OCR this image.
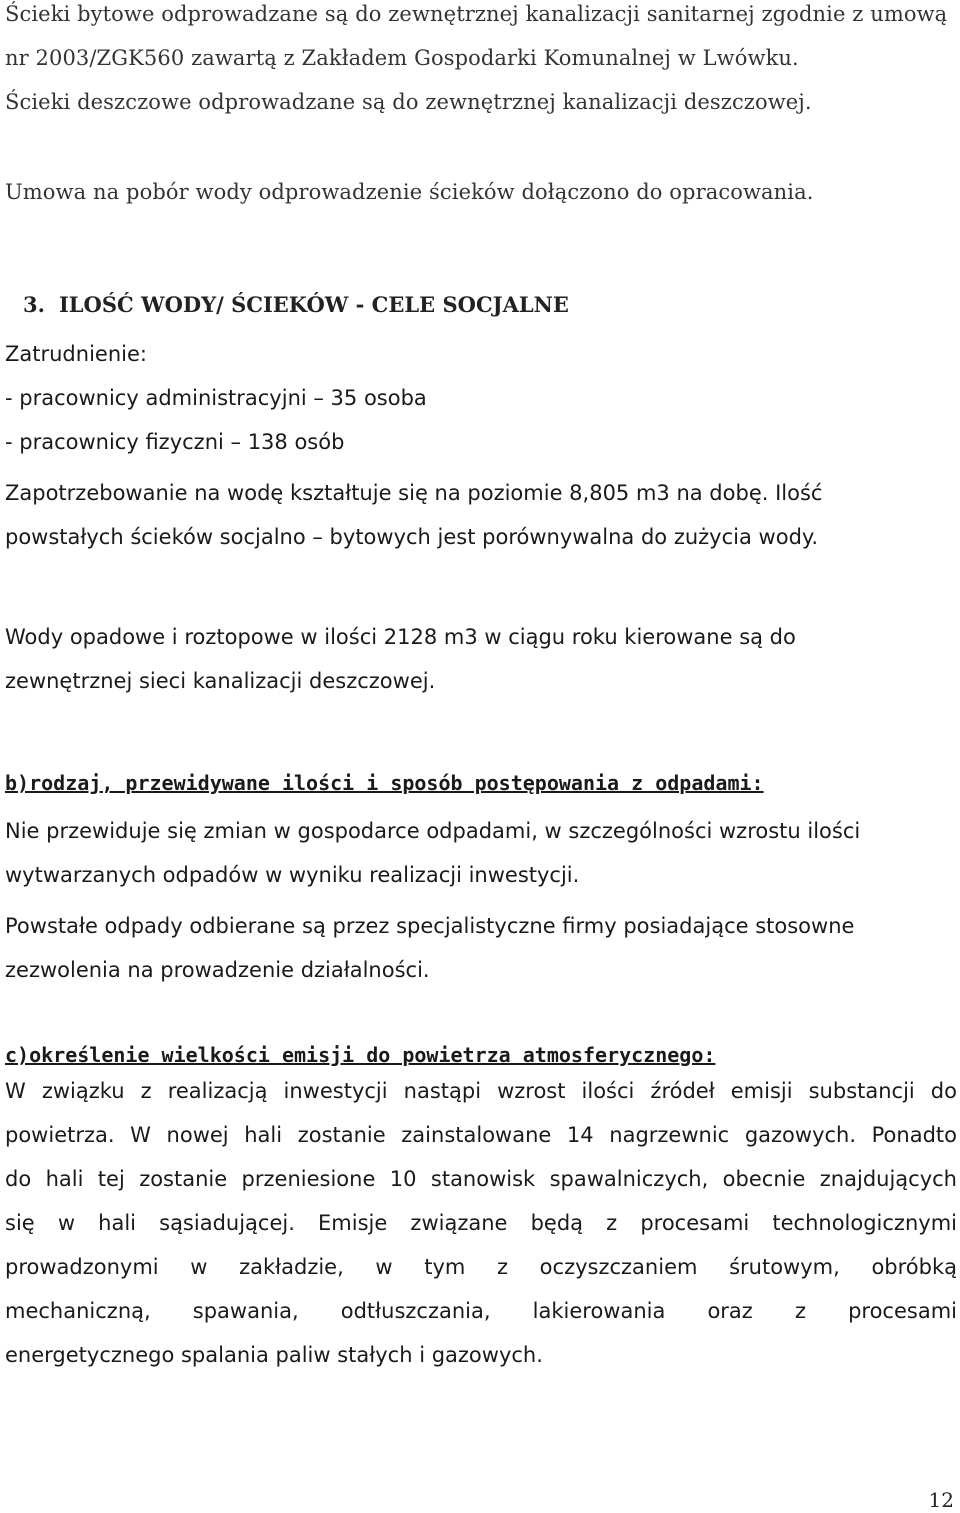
Ścieki bytowe odprowadzane są do zewnętrznej kanalizacji sanitarnej zgodnie z umową

nr 2003/ZGK560 zawartą z Zakładem Gospodarki Komunalnej w Lwówku.

Ścieki deszczowe odprowadzane są do zewnętrznej kanalizacji deszczowej.

Umowa na pobór wody odprowadzenie ścieków dołączono do opracowania.

3. ILOŚĆ WODY/ ŚCIEKÓW - CELE SOCJALNE

Zatrudnienie:

- pracownicy administracyjni – 35 osoba

- pracownicy fizyczni – 138 osób

Zapotrzebowanie na wodę kształtuje się na poziomie 8,805 m3 na dobę. Ilość

powstałych ścieków socjalno – bytowych jest porównywalna do zużycia wody.

Wody opadowe i roztopowe w ilości 2128 m3 w ciągu roku kierowane są do

zewnętrznej sieci kanalizacji deszczowej.

b)rodzaj, przewidywane ilości i sposób postępowania z odpadami:

Nie przewiduje się zmian w gospodarce odpadami, w szczególności wzrostu ilości

wytwarzanych odpadów w wyniku realizacji inwestycji.

Powstałe odpady odbierane są przez specjalistyczne firmy posiadające stosowne

zezwolenia na prowadzenie działalności.

c)określenie wielkości emisji do powietrza atmosferycznego:
W związku z realizacją inwestycji nastąpi wzrost ilości źródeł emisji substancji do
powietrza. W nowej hali zostanie zainstalowane 14 nagrzewnic gazowych. Ponadto
do hali tej zostanie przeniesione 10 stanowisk spawalniczych, obecnie znajdujących
się w hali sąsiadującej. Emisje związane będą z procesami technologicznymi
prowadzonymi w zakładzie, w tym z oczyszczaniem śrutowym, obróbką
mechaniczną, spawania, odtłuszczania, lakierowania oraz z procesami
energetycznego spalania paliw stałych i gazowych.
12
